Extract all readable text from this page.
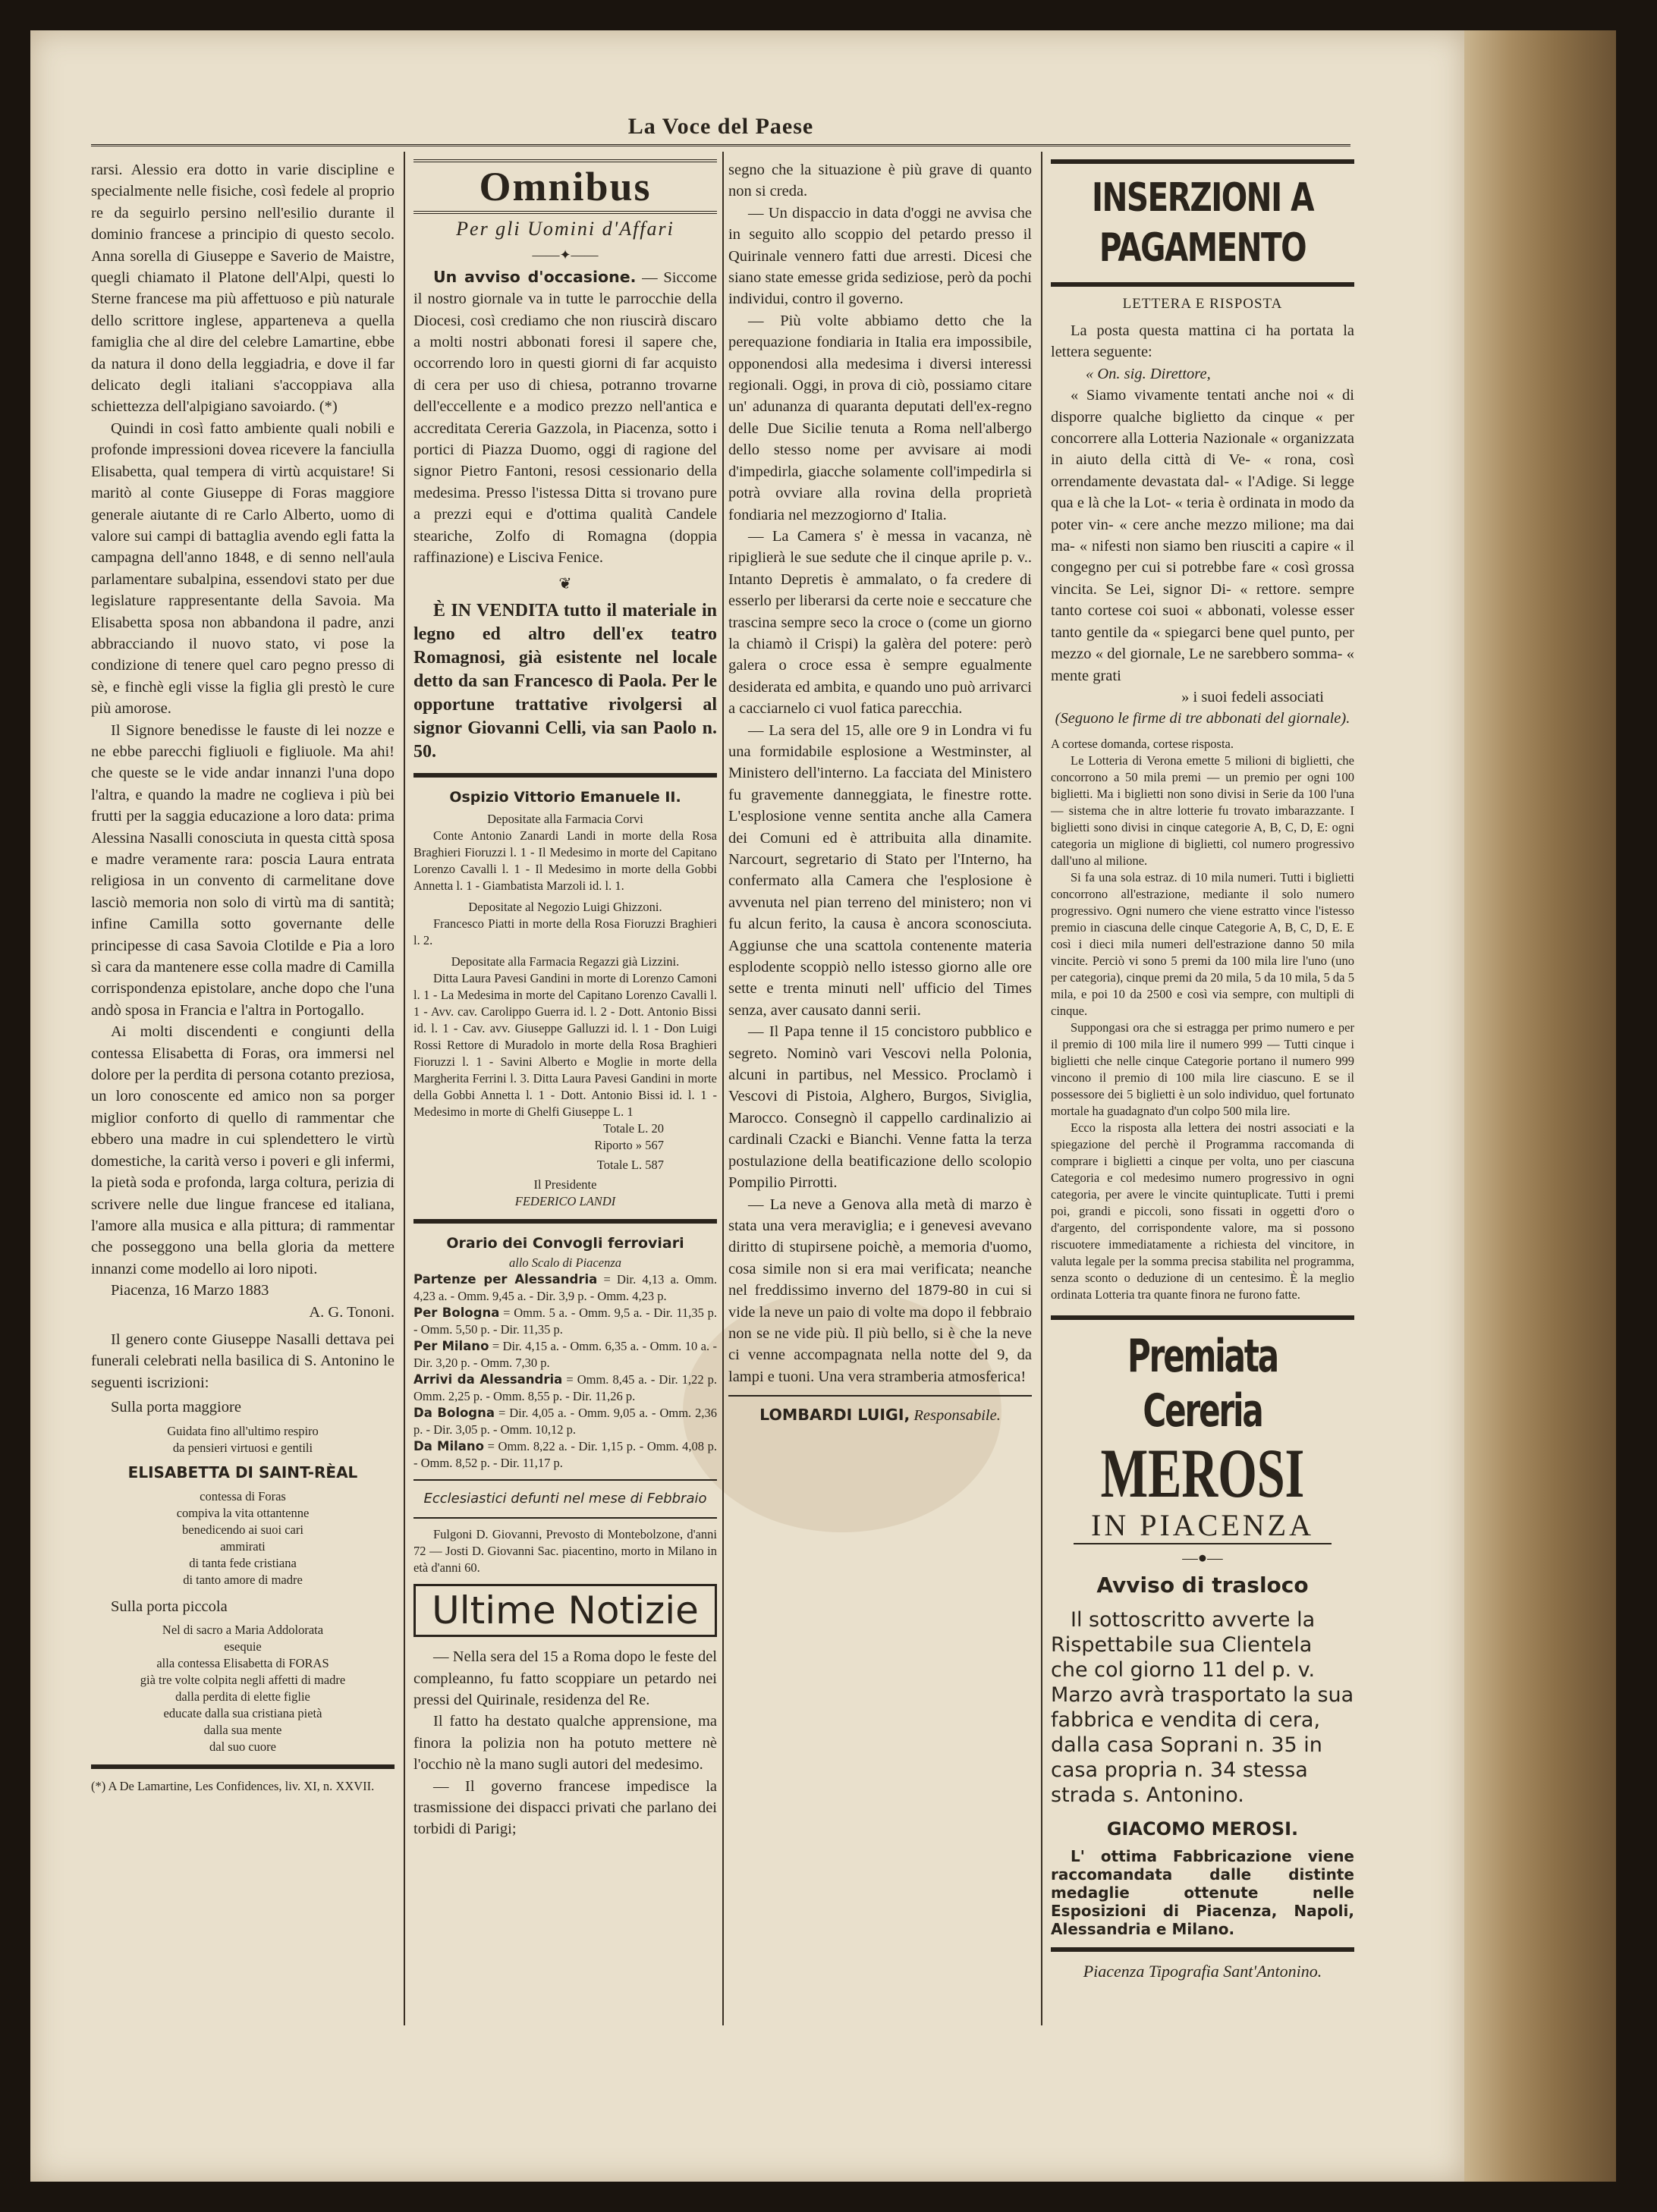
La Voce del Paese

rarsi. Alessio era dotto in varie discipline e specialmente nelle fisiche, così fedele al proprio re da seguirlo persino nell'esilio durante il dominio francese a principio di questo secolo. Anna sorella di Giuseppe e Saverio de Maistre, quegli chiamato il Platone dell'Alpi, questi lo Sterne francese ma più affettuoso e più naturale dello scrittore inglese, apparteneva a quella famiglia che al dire del celebre Lamartine, ebbe da natura il dono della leggiadria, e dove il far delicato degli italiani s'accoppiava alla schiettezza dell'alpigiano savoiardo. (*)

Quindi in così fatto ambiente quali nobili e profonde impressioni dovea ricevere la fanciulla Elisabetta, qual tempera di virtù acquistare! Si maritò al conte Giuseppe di Foras maggiore generale aiutante di re Carlo Alberto, uomo di valore sui campi di battaglia avendo egli fatta la campagna dell'anno 1848, e di senno nell'aula parlamentare subalpina, essendovi stato per due legislature rappresentante della Savoia. Ma Elisabetta sposa non abbandona il padre, anzi abbracciando il nuovo stato, vi pose la condizione di tenere quel caro pegno presso di sè, e finchè egli visse la figlia gli prestò le cure più amorose.

Il Signore benedisse le fauste di lei nozze e ne ebbe parecchi figliuoli e figliuole. Ma ahi! che queste se le vide andar innanzi l'una dopo l'altra, e quando la madre ne coglieva i più bei frutti per la saggia educazione a loro data: prima Alessina Nasalli conosciuta in questa città sposa e madre veramente rara: poscia Laura entrata religiosa in un convento di carmelitane dove lasciò memoria non solo di virtù ma di santità; infine Camilla sotto governante delle principesse di casa Savoia Clotilde e Pia a loro sì cara da mantenere esse colla madre di Camilla corrispondenza epistolare, anche dopo che l'una andò sposa in Francia e l'altra in Portogallo.

Ai molti discendenti e congiunti della contessa Elisabetta di Foras, ora immersi nel dolore per la perdita di persona cotanto preziosa, un loro conoscente ed amico non sa porger miglior conforto di quello di rammentar che ebbero una madre in cui splendettero le virtù domestiche, la carità verso i poveri e gli infermi, la pietà soda e profonda, larga coltura, perizia di scrivere nelle due lingue francese ed italiana, l'amore alla musica e alla pittura; di rammentar che posseggono una bella gloria da mettere innanzi come modello ai loro nipoti.

Piacenza, 16 Marzo 1883

A. G. Tononi.

Il genero conte Giuseppe Nasalli dettava pei funerali celebrati nella basilica di S. Antonino le seguenti iscrizioni:

Sulla porta maggiore

Guidata fino all'ultimo respiro
da pensieri virtuosi e gentili
ELISABETTA DI SAINT-RÈAL
contessa di Foras
compiva la vita ottantenne
benedicendo ai suoi cari
ammirati
di tanta fede cristiana
di tanto amore di madre

Sulla porta piccola

Nel di sacro a Maria Addolorata
esequie
alla contessa Elisabetta di FORAS
già tre volte colpita negli affetti di madre
dalla perdita di elette figlie
educate dalla sua cristiana pietà
dalla sua mente
dal suo cuore

(*) A De Lamartine, Les Confidences, liv. XI, n. XXVII.

Omnibus
Per gli Uomini d'Affari
——✦——

Un avviso d'occasione. — Siccome il nostro giornale va in tutte le parrocchie della Diocesi, così crediamo che non riuscirà discaro a molti nostri abbonati foresi il sapere che, occorrendo loro in questi giorni di far acquisto di cera per uso di chiesa, potranno trovarne dell'eccellente e a modico prezzo nell'antica e accreditata Cereria Gazzola, in Piacenza, sotto i portici di Piazza Duomo, oggi di ragione del signor Pietro Fantoni, resosi cessionario della medesima. Presso l'istessa Ditta si trovano pure a prezzi equi e d'ottima qualità Candele steariche, Zolfo di Romagna (doppia raffinazione) e Lisciva Fenice.

❦

È IN VENDITA tutto il materiale in legno ed altro dell'ex teatro Romagnosi, già esistente nel locale detto da san Francesco di Paola. Per le opportune trattative rivolgersi al signor Giovanni Celli, via san Paolo n. 50.

Ospizio Vittorio Emanuele II.
Depositate alla Farmacia Corvi

Conte Antonio Zanardi Landi in morte della Rosa Braghieri Fioruzzi l. 1 - Il Medesimo in morte del Capitano Lorenzo Cavalli l. 1 - Il Medesimo in morte della Gobbi Annetta l. 1 - Giambatista Marzoli id. l. 1.

Depositate al Negozio Luigi Ghizzoni.

Francesco Piatti in morte della Rosa Fioruzzi Braghieri l. 2.

Depositate alla Farmacia Regazzi già Lizzini.

Ditta Laura Pavesi Gandini in morte di Lorenzo Camoni l. 1 - La Medesima in morte del Capitano Lorenzo Cavalli l. 1 - Avv. cav. Carolippo Guerra id. l. 2 - Dott. Antonio Bissi id. l. 1 - Cav. avv. Giuseppe Galluzzi id. l. 1 - Don Luigi Rossi Rettore di Muradolo in morte della Rosa Braghieri Fioruzzi l. 1 - Savini Alberto e Moglie in morte della Margherita Ferrini l. 3. Ditta Laura Pavesi Gandini in morte della Gobbi Annetta l. 1 - Dott. Antonio Bissi id. l. 1 - Medesimo in morte di Ghelfi Giuseppe L. 1

Totale L. 20
Riporto » 567
Totale L. 587
Il Presidente
FEDERICO LANDI
Orario dei Convogli ferroviari
allo Scalo di Piacenza
Partenze per Alessandria = Dir. 4,13 a. Omm. 4,23 a. - Omm. 9,45 a. - Dir. 3,9 p. - Omm. 4,23 p.
Per Bologna = Omm. 5 a. - Omm. 9,5 a. - Dir. 11,35 p. - Omm. 5,50 p. - Dir. 11,35 p.
Per Milano = Dir. 4,15 a. - Omm. 6,35 a. - Omm. 10 a. - Dir. 3,20 p. - Omm. 7,30 p.
Arrivi da Alessandria = Omm. 8,45 a. - Dir. 1,22 p. Omm. 2,25 p. - Omm. 8,55 p. - Dir. 11,26 p.
Da Bologna = Dir. 4,05 a. - Omm. 9,05 a. - Omm. 2,36 p. - Dir. 3,05 p. - Omm. 10,12 p.
Da Milano = Omm. 8,22 a. - Dir. 1,15 p. - Omm. 4,08 p. - Omm. 8,52 p. - Dir. 11,17 p.
Ecclesiastici defunti nel mese di Febbraio

Fulgoni D. Giovanni, Prevosto di Montebolzone, d'anni 72 — Josti D. Giovanni Sac. piacentino, morto in Milano in età d'anni 60.

Ultime Notizie

— Nella sera del 15 a Roma dopo le feste del compleanno, fu fatto scoppiare un petardo nei pressi del Quirinale, residenza del Re.

Il fatto ha destato qualche apprensione, ma finora la polizia non ha potuto mettere nè l'occhio nè la mano sugli autori del medesimo.

— Il governo francese impedisce la trasmissione dei dispacci privati che parlano dei torbidi di Parigi;

segno che la situazione è più grave di quanto non si creda.

— Un dispaccio in data d'oggi ne avvisa che in seguito allo scoppio del petardo presso il Quirinale vennero fatti due arresti. Dicesi che siano state emesse grida sediziose, però da pochi individui, contro il governo.

— Più volte abbiamo detto che la perequazione fondiaria in Italia era impossibile, opponendosi alla medesima i diversi interessi regionali. Oggi, in prova di ciò, possiamo citare un' adunanza di quaranta deputati dell'ex-regno delle Due Sicilie tenuta a Roma nell'albergo dello stesso nome per avvisare ai modi d'impedirla, giacche solamente coll'impedirla si potrà ovviare alla rovina della proprietà fondiaria nel mezzogiorno d' Italia.

— La Camera s' è messa in vacanza, nè ripiglierà le sue sedute che il cinque aprile p. v.. Intanto Depretis è ammalato, o fa credere di esserlo per liberarsi da certe noie e seccature che trascina sempre seco la croce o (come un giorno la chiamò il Crispi) la galèra del potere: però galera o croce essa è sempre egualmente desiderata ed ambita, e quando uno può arrivarci a cacciarnelo ci vuol fatica parecchia.

— La sera del 15, alle ore 9 in Londra vi fu una formidabile esplosione a Westminster, al Ministero dell'interno. La facciata del Ministero fu gravemente danneggiata, le finestre rotte. L'esplosione venne sentita anche alla Camera dei Comuni ed è attribuita alla dinamite. Narcourt, segretario di Stato per l'Interno, ha confermato alla Camera che l'esplosione è avvenuta nel pian terreno del ministero; non vi fu alcun ferito, la causa è ancora sconosciuta. Aggiunse che una scattola contenente materia esplodente scoppiò nello istesso giorno alle ore sette e trenta minuti nell' ufficio del Times senza, aver causato danni serii.

— Il Papa tenne il 15 concistoro pubblico e segreto. Nominò vari Vescovi nella Polonia, alcuni in partibus, nel Messico. Proclamò i Vescovi di Pistoia, Alghero, Burgos, Siviglia, Marocco. Consegnò il cappello cardinalizio ai cardinali Czacki e Bianchi. Venne fatta la terza postulazione della beatificazione dello scolopio Pompilio Pirrotti.

— La neve a Genova alla metà di marzo è stata una vera meraviglia; e i genevesi avevano diritto di stupirsene poichè, a memoria d'uomo, cosa simile non si era mai verificata; neanche nel freddissimo inverno del 1879-80 in cui si vide la neve un paio di volte ma dopo il febbraio non se ne vide più. Il più bello, si è che la neve ci venne accompagnata nella notte del 9, da lampi e tuoni. Una vera stramberia atmosferica!

LOMBARDI LUIGI, Responsabile.

INSERZIONI A PAGAMENTO
LETTERA E RISPOSTA

La posta questa mattina ci ha portata la lettera seguente:

« On. sig. Direttore,

« Siamo vivamente tentati anche noi « di disporre qualche biglietto da cinque « per concorrere alla Lotteria Nazionale « organizzata in aiuto della città di Ve- « rona, così orrendamente devastata dal- « l'Adige. Si legge qua e là che la Lot- « teria è ordinata in modo da poter vin- « cere anche mezzo milione; ma dai ma- « nifesti non siamo ben riusciti a capire « il congegno per cui si potrebbe fare « così grossa vincita. Se Lei, signor Di- « rettore. sempre tanto cortese coi suoi « abbonati, volesse esser tanto gentile da « spiegarci bene quel punto, per mezzo « del giornale, Le ne sarebbero somma- « mente grati

» i suoi fedeli associati

(Seguono le firme di tre abbonati del giornale).

A cortese domanda, cortese risposta.

Le Lotteria di Verona emette 5 milioni di biglietti, che concorrono a 50 mila premi — un premio per ogni 100 biglietti. Ma i biglietti non sono divisi in Serie da 100 l'una — sistema che in altre lotterie fu trovato imbarazzante. I biglietti sono divisi in cinque categorie A, B, C, D, E: ogni categoria un miglione di biglietti, col numero progressivo dall'uno al milione.

Si fa una sola estraz. di 10 mila numeri. Tutti i biglietti concorrono all'estrazione, mediante il solo numero progressivo. Ogni numero che viene estratto vince l'istesso premio in ciascuna delle cinque Categorie A, B, C, D, E. E così i dieci mila numeri dell'estrazione danno 50 mila vincite. Perciò vi sono 5 premi da 100 mila lire l'uno (uno per categoria), cinque premi da 20 mila, 5 da 10 mila, 5 da 5 mila, e poi 10 da 2500 e così via sempre, con multipli di cinque.

Suppongasi ora che si estragga per primo numero e per il premio di 100 mila lire il numero 999 — Tutti cinque i biglietti che nelle cinque Categorie portano il numero 999 vincono il premio di 100 mila lire ciascuno. E se il possessore dei 5 biglietti è un solo individuo, quel fortunato mortale ha guadagnato d'un colpo 500 mila lire.

Ecco la risposta alla lettera dei nostri associati e la spiegazione del perchè il Programma raccomanda di comprare i biglietti a cinque per volta, uno per ciascuna Categoria e col medesimo numero progressivo in ogni categoria, per avere le vincite quintuplicate. Tutti i premi poi, grandi e piccoli, sono fissati in oggetti d'oro o d'argento, del corrispondente valore, ma si possono riscuotere immediatamente a richiesta del vincitore, in valuta legale per la somma precisa stabilita nel programma, senza sconto o deduzione di un centesimo. È la meglio ordinata Lotteria tra quante finora ne furono fatte.

Premiata Cereria
MEROSI
IN PIACENZA
—●—
Avviso di trasloco

Il sottoscritto avverte la Rispettabile sua Clientela che col giorno 11 del p. v. Marzo avrà trasportato la sua fabbrica e vendita di cera, dalla casa Soprani n. 35 in casa propria n. 34 stessa strada s. Antonino.

GIACOMO MEROSI.

L' ottima Fabbricazione viene raccomandata dalle distinte medaglie ottenute nelle Esposizioni di Piacenza, Napoli, Alessandria e Milano.

Piacenza Tipografia Sant'Antonino.
